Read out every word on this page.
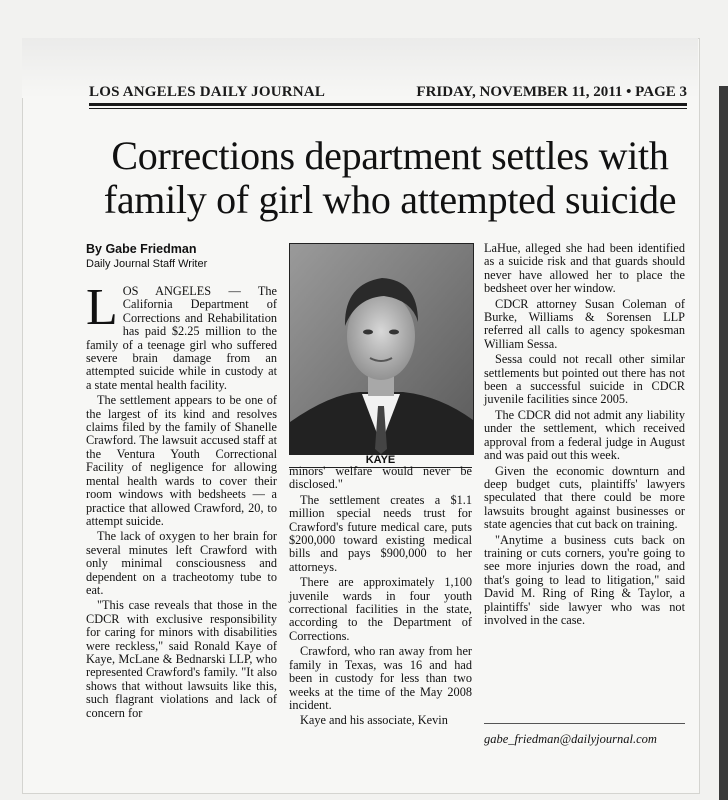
LOS ANGELES DAILY JOURNAL	FRIDAY, NOVEMBER 11, 2011 • PAGE 3
Corrections department settles with
family of girl who attempted suicide
By Gabe Friedman
Daily Journal Staff Writer

LOS ANGELES — The California Department of Corrections and Rehabilitation has paid $2.25 million to the family of a teenage girl who suffered severe brain damage from an attempted suicide while in custody at a state mental health facility.

The settlement appears to be one of the largest of its kind and resolves claims filed by the family of Shanelle Crawford. The lawsuit accused staff at the Ventura Youth Correctional Facility of negligence for allowing mental health wards to cover their room windows with bedsheets — a practice that allowed Crawford, 20, to attempt suicide.

The lack of oxygen to her brain for several minutes left Crawford with only minimal consciousness and dependent on a tracheotomy tube to eat.

"This case reveals that those in the CDCR with exclusive responsibility for caring for minors with disabilities were reckless," said Ronald Kaye of Kaye, McLane & Bednarski LLP, who represented Crawford's family. "It also shows that without lawsuits like this, such flagrant violations and lack of concern for

KAYE

minors' welfare would never be disclosed."

The settlement creates a $1.1 million special needs trust for Crawford's future medical care, puts $200,000 toward existing medical bills and pays $900,000 to her attorneys.

There are approximately 1,100 juvenile wards in four youth correctional facilities in the state, according to the Department of Corrections.

Crawford, who ran away from her family in Texas, was 16 and had been in custody for less than two weeks at the time of the May 2008 incident.

Kaye and his associate, Kevin

LaHue, alleged she had been identified as a suicide risk and that guards should never have allowed her to place the bedsheet over her window.

CDCR attorney Susan Coleman of Burke, Williams & Sorensen LLP referred all calls to agency spokesman William Sessa.

Sessa could not recall other similar settlements but pointed out there has not been a successful suicide in CDCR juvenile facilities since 2005.

The CDCR did not admit any liability under the settlement, which received approval from a federal judge in August and was paid out this week.

Given the economic downturn and deep budget cuts, plaintiffs' lawyers speculated that there could be more lawsuits brought against businesses or state agencies that cut back on training.

"Anytime a business cuts back on training or cuts corners, you're going to see more injuries down the road, and that's going to lead to litigation," said David M. Ring of Ring & Taylor, a plaintiffs' side lawyer who was not involved in the case.

gabe_friedman@dailyjournal.com
